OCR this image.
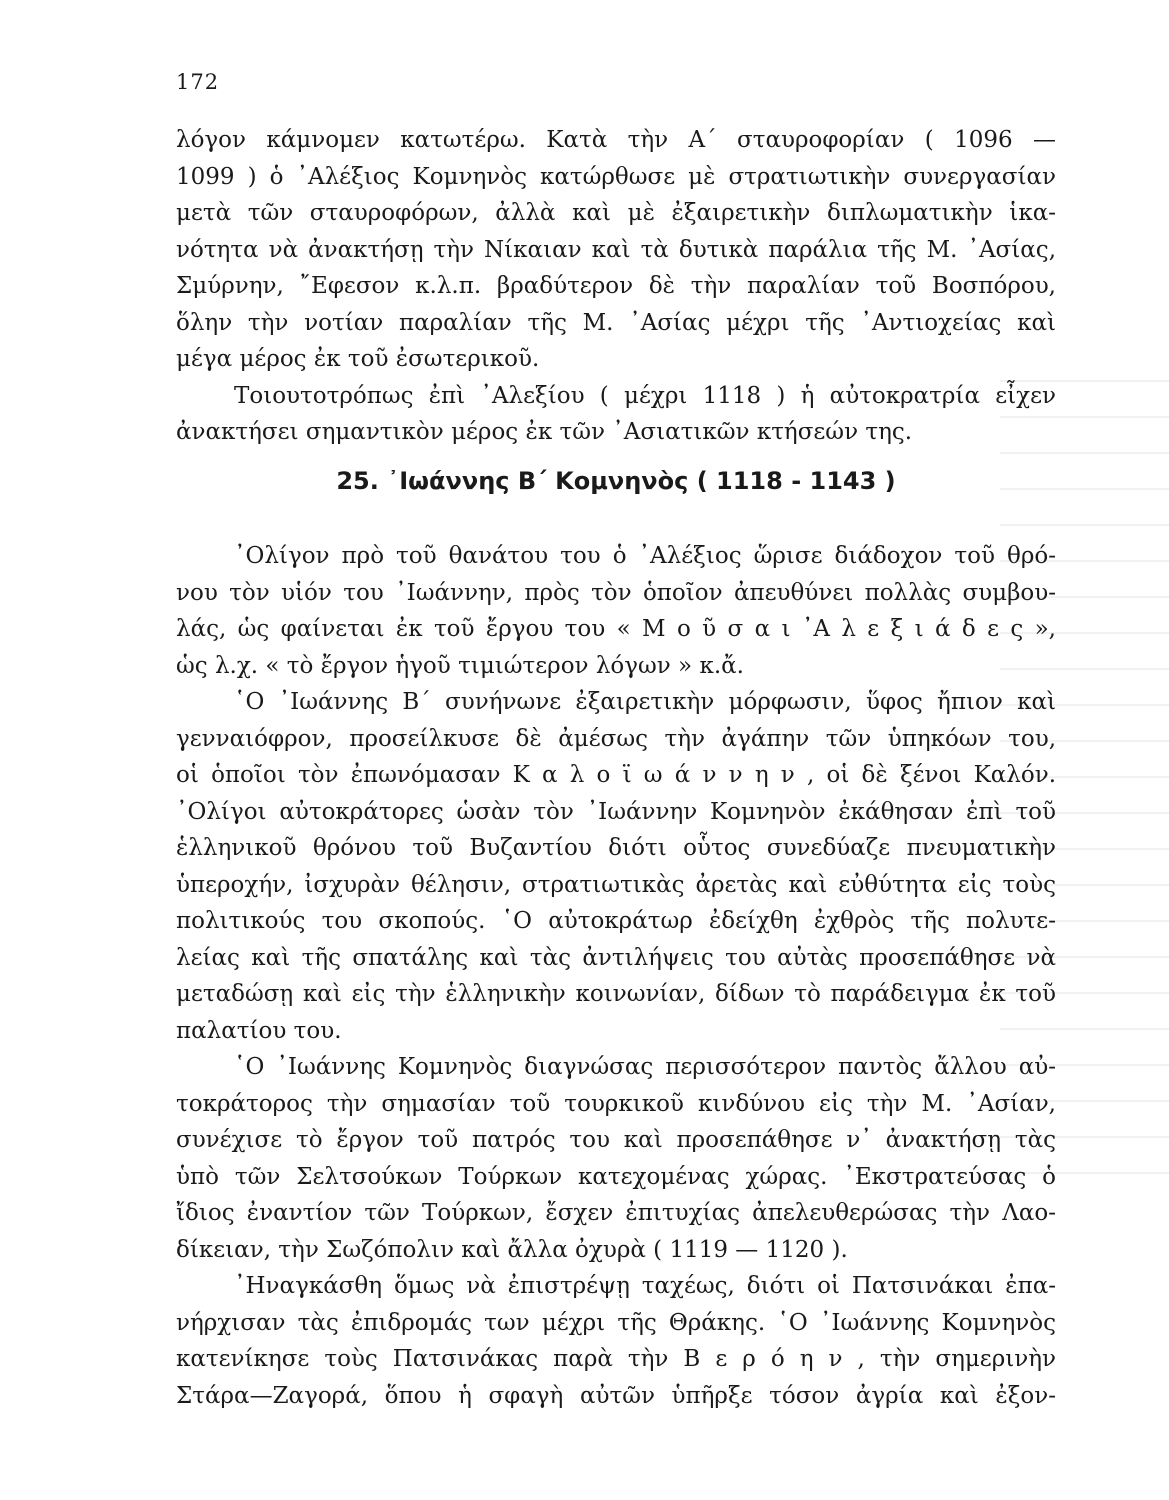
172
λόγον κάμνομεν κατωτέρω. Κατὰ τὴν Α΄ σταυροφορίαν ( 1096 —
1099 ) ὁ ᾿Αλέξιος Κομνηνὸς κατώρθωσε μὲ στρατιωτικὴν συνεργασίαν
μετὰ τῶν σταυροφόρων, ἀλλὰ καὶ μὲ ἐξαιρετικὴν διπλωματικὴν ἱκα-
νότητα νὰ ἀνακτήσῃ τὴν Νίκαιαν καὶ τὰ δυτικὰ παράλια τῆς Μ. ᾿Ασίας,
Σμύρνην, ῎Εφεσον κ.λ.π. βραδύτερον δὲ τὴν παραλίαν τοῦ Βοσπόρου,
ὅλην τὴν νοτίαν παραλίαν τῆς Μ. ᾿Ασίας μέχρι τῆς ᾿Αντιοχείας καὶ
μέγα μέρος ἐκ τοῦ ἐσωτερικοῦ.
Τοιουτοτρόπως ἐπὶ ᾿Αλεξίου ( μέχρι 1118 ) ἡ αὐτοκρατρία εἶχεν
ἀνακτήσει σημαντικὸν μέρος ἐκ τῶν ᾿Ασιατικῶν κτήσεών της.
25. ᾿Ιωάννης Β΄ Κομνηνὸς ( 1118 - 1143 )
᾿Ολίγον πρὸ τοῦ θανάτου του ὁ ᾿Αλέξιος ὥρισε διάδοχον τοῦ θρό-
νου τὸν υἱόν του ᾿Ιωάννην, πρὸς τὸν ὁποῖον ἀπευθύνει πολλὰς συμβου-
λάς, ὡς φαίνεται ἐκ τοῦ ἔργου του « Μ ο ῦ σ α ι ᾿Α λ ε ξ ι ά δ ε ς »,
ὡς λ.χ. « τὸ ἔργον ἡγοῦ τιμιώτερον λόγων » κ.ἄ.
῾Ο ᾿Ιωάννης Β΄ συνήνωνε ἐξαιρετικὴν μόρφωσιν, ὕφος ἤπιον καὶ
γενναιόφρον, προσείλκυσε δὲ ἀμέσως τὴν ἀγάπην τῶν ὑπηκόων του,
οἱ ὁποῖοι τὸν ἐπωνόμασαν Κ α λ ο ϊ ω ά ν ν η ν , οἱ δὲ ξένοι Καλόν.
᾿Ολίγοι αὐτοκράτορες ὡσὰν τὸν ᾿Ιωάννην Κομνηνὸν ἐκάθησαν ἐπὶ τοῦ
ἑλληνικοῦ θρόνου τοῦ Βυζαντίου διότι οὗτος συνεδύαζε πνευματικὴν
ὑπεροχήν, ἰσχυρὰν θέλησιν, στρατιωτικὰς ἀρετὰς καὶ εὐθύτητα εἰς τοὺς
πολιτικούς του σκοπούς. ῾Ο αὐτοκράτωρ ἐδείχθη ἐχθρὸς τῆς πολυτε-
λείας καὶ τῆς σπατάλης καὶ τὰς ἀντιλήψεις του αὐτὰς προσεπάθησε νὰ
μεταδώσῃ καὶ εἰς τὴν ἑλληνικὴν κοινωνίαν, δίδων τὸ παράδειγμα ἐκ τοῦ
παλατίου του.
῾Ο ᾿Ιωάννης Κομνηνὸς διαγνώσας περισσότερον παντὸς ἄλλου αὐ-
τοκράτορος τὴν σημασίαν τοῦ τουρκικοῦ κινδύνου εἰς τὴν Μ. ᾿Ασίαν,
συνέχισε τὸ ἔργον τοῦ πατρός του καὶ προσεπάθησε ν᾿ ἀνακτήσῃ τὰς
ὑπὸ τῶν Σελτσούκων Τούρκων κατεχομένας χώρας. ᾿Εκστρατεύσας ὁ
ἴδιος ἐναντίον τῶν Τούρκων, ἔσχεν ἐπιτυχίας ἀπελευθερώσας τὴν Λαο-
δίκειαν, τὴν Σωζόπολιν καὶ ἄλλα ὀχυρὰ ( 1119 — 1120 ).
᾿Ηναγκάσθη ὅμως νὰ ἐπιστρέψῃ ταχέως, διότι οἱ Πατσινάκαι ἐπα-
νήρχισαν τὰς ἐπιδρομάς των μέχρι τῆς Θράκης. ῾Ο ᾿Ιωάννης Κομνηνὸς
κατενίκησε τοὺς Πατσινάκας παρὰ τὴν Β ε ρ ό η ν , τὴν σημερινὴν
Στάρα—Ζαγορά, ὅπου ἡ σφαγὴ αὐτῶν ὑπῆρξε τόσον ἀγρία καὶ ἐξον-
